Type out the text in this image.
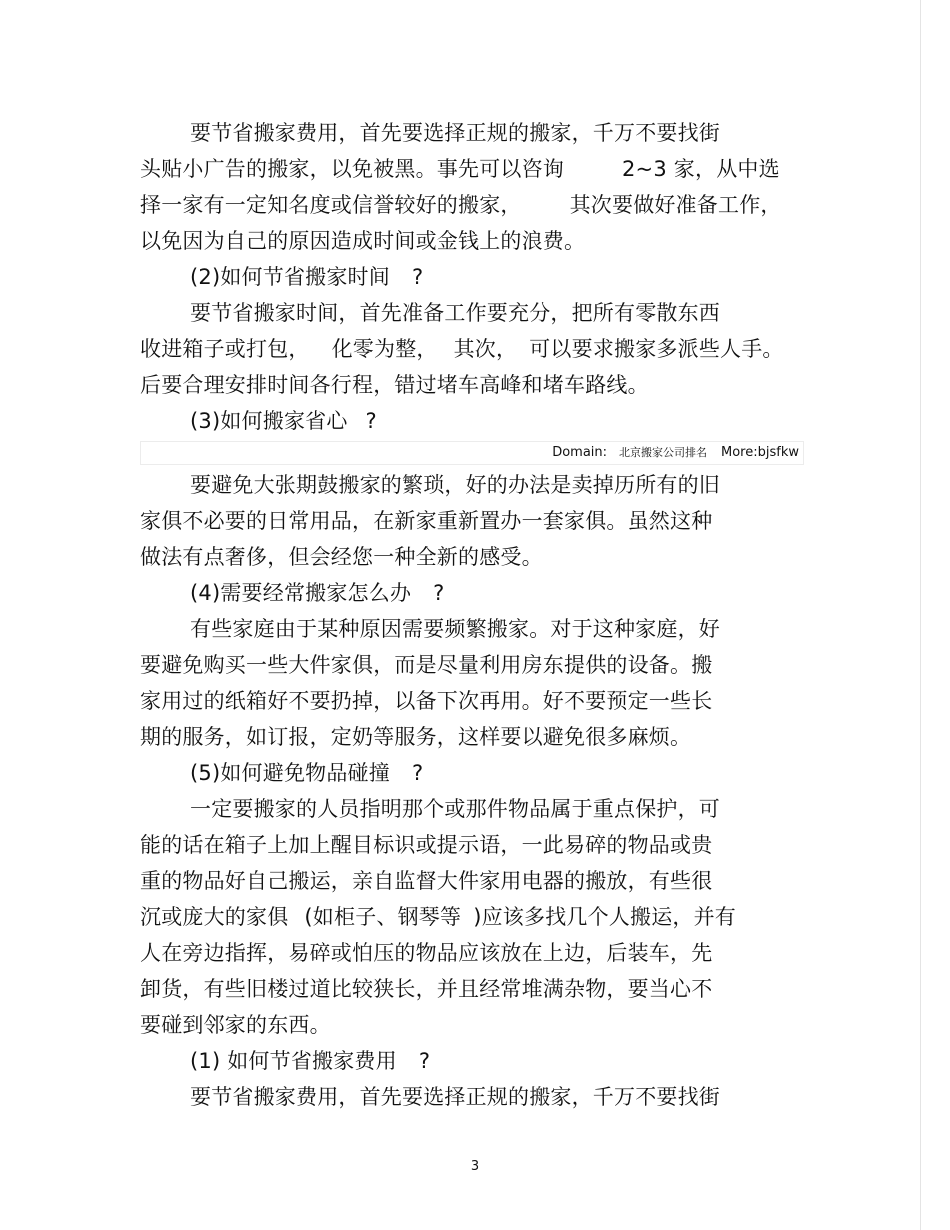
要节省搬家费用，首先要选择正规的搬家，千万不要找街
头贴小广告的搬家，以免被黑。事先可以咨询	2~3 家，从中选
择一家有一定知名度或信誉较好的搬家， 其次要做好准备工作，
以免因为自己的原因造成时间或金钱上的浪费。
(2)如何节省搬家时间 ?
要节省搬家时间，首先准备工作要充分，把所有零散东西
收进箱子或打包， 化零为整， 其次， 可以要求搬家多派些人手。
后要合理安排时间各行程，错过堵车高峰和堵车路线。
(3)如何搬家省心 ?
Domain: 北京搬家公司排名 More:bjsfkw
要避免大张期鼓搬家的繁琐，好的办法是卖掉历所有的旧
家俱不必要的日常用品，在新家重新置办一套家俱。虽然这种
做法有点奢侈，但会经您一种全新的感受。
(4)需要经常搬家怎么办 ?
有些家庭由于某种原因需要频繁搬家。对于这种家庭，好
要避免购买一些大件家俱，而是尽量利用房东提供的设备。搬
家用过的纸箱好不要扔掉，以备下次再用。好不要预定一些长
期的服务，如订报，定奶等服务，这样要以避免很多麻烦。
(5)如何避免物品碰撞 ?
一定要搬家的人员指明那个或那件物品属于重点保护，可
能的话在箱子上加上醒目标识或提示语，一此易碎的物品或贵
重的物品好自己搬运，亲自监督大件家用电器的搬放，有些很
沉或庞大的家俱 (如柜子、钢琴等 )应该多找几个人搬运，并有
人在旁边指挥，易碎或怕压的物品应该放在上边，后装车，先
卸货，有些旧楼过道比较狭长，并且经常堆满杂物，要当心不
要碰到邻家的东西。
(1) 如何节省搬家费用 ?
要节省搬家费用，首先要选择正规的搬家，千万不要找街
3
